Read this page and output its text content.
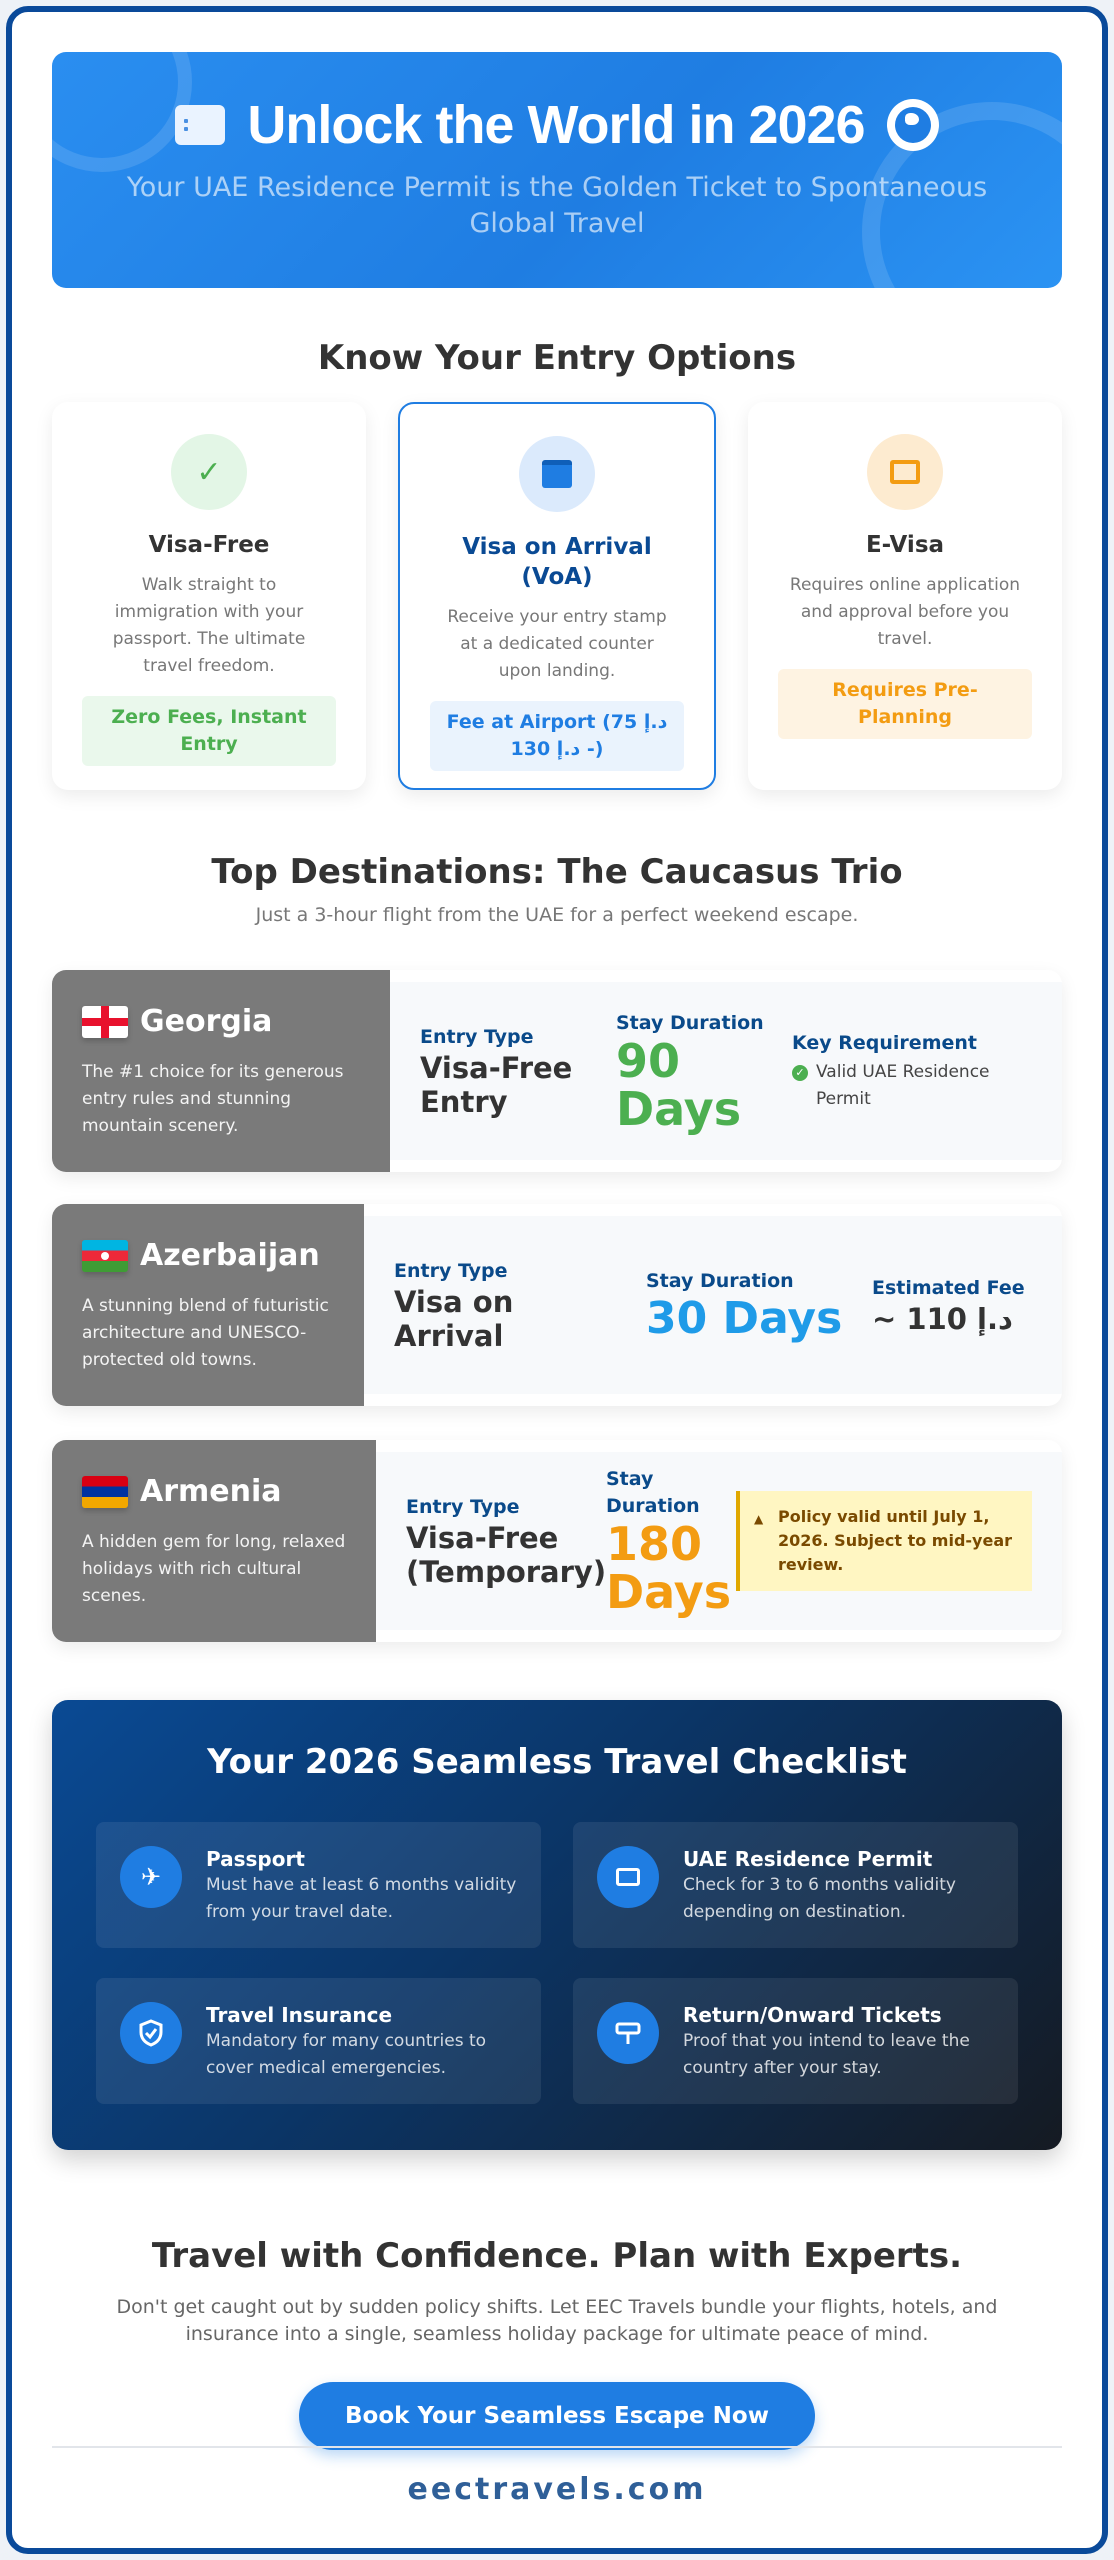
Unlock the World in 2026
Your UAE Residence Permit is the Golden Ticket to Spontaneous Global Travel
Know Your Entry Options
✓
Visa-Free

Walk straight to immigration with your passport. The ultimate travel freedom.

Zero Fees, Instant Entry
Visa on Arrival (VoA)

Receive your entry stamp at a dedicated counter upon landing.

Fee at Airport (د.إ 75 - د.إ 130)
E-Visa

Requires online application and approval before you travel.

Requires Pre-Planning
Top Destinations: The Caucasus Trio

Just a 3-hour flight from the UAE for a perfect weekend escape.

Georgia
The #1 choice for its generous entry rules and stunning mountain scenery.
Entry Type
Visa-Free Entry
Stay Duration
90 Days
Key Requirement
✓ Valid UAE Residence Permit
Azerbaijan
A stunning blend of futuristic architecture and UNESCO-protected old towns.
Entry Type
Visa on Arrival
Stay Duration
30 Days
Estimated Fee
~ 110 د.إ
Armenia
A hidden gem for long, relaxed holidays with rich cultural scenes.
Entry Type
Visa-Free (Temporary)
Stay Duration
180 Days
▲ Policy valid until July 1, 2026. Subject to mid-year review.
Your 2026 Seamless Travel Checklist
✈
Passport
Must have at least 6 months validity from your travel date.
UAE Residence Permit
Check for 3 to 6 months validity depending on destination.
Travel Insurance
Mandatory for many countries to cover medical emergencies.
Return/Onward Tickets
Proof that you intend to leave the country after your stay.
Travel with Confidence. Plan with Experts.

Don't get caught out by sudden policy shifts. Let EEC Travels bundle your flights, hotels, and insurance into a single, seamless holiday package for ultimate peace of mind.

Book Your Seamless Escape Now
eectravels.com
